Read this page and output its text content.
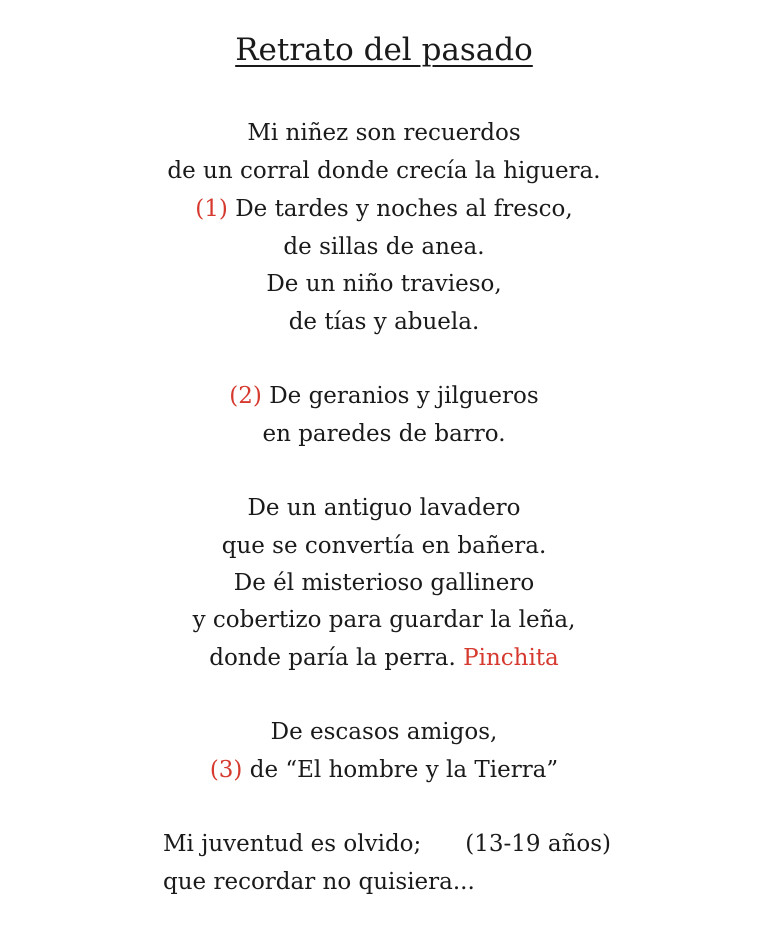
Retrato del pasado
Mi niñez son recuerdos
de un corral donde crecía la higuera.
(1) De tardes y noches al fresco,
de sillas de anea.
De un niño travieso,
de tías y abuela.
(2) De geranios y jilgueros
en paredes de barro.
De un antiguo lavadero
que se convertía en bañera.
De él misterioso gallinero
y cobertizo para guardar la leña,
donde paría la perra. Pinchita
De escasos amigos,
(3) de “El hombre y la Tierra”
Mi juventud es olvido; (13-19 años)
que recordar no quisiera...
